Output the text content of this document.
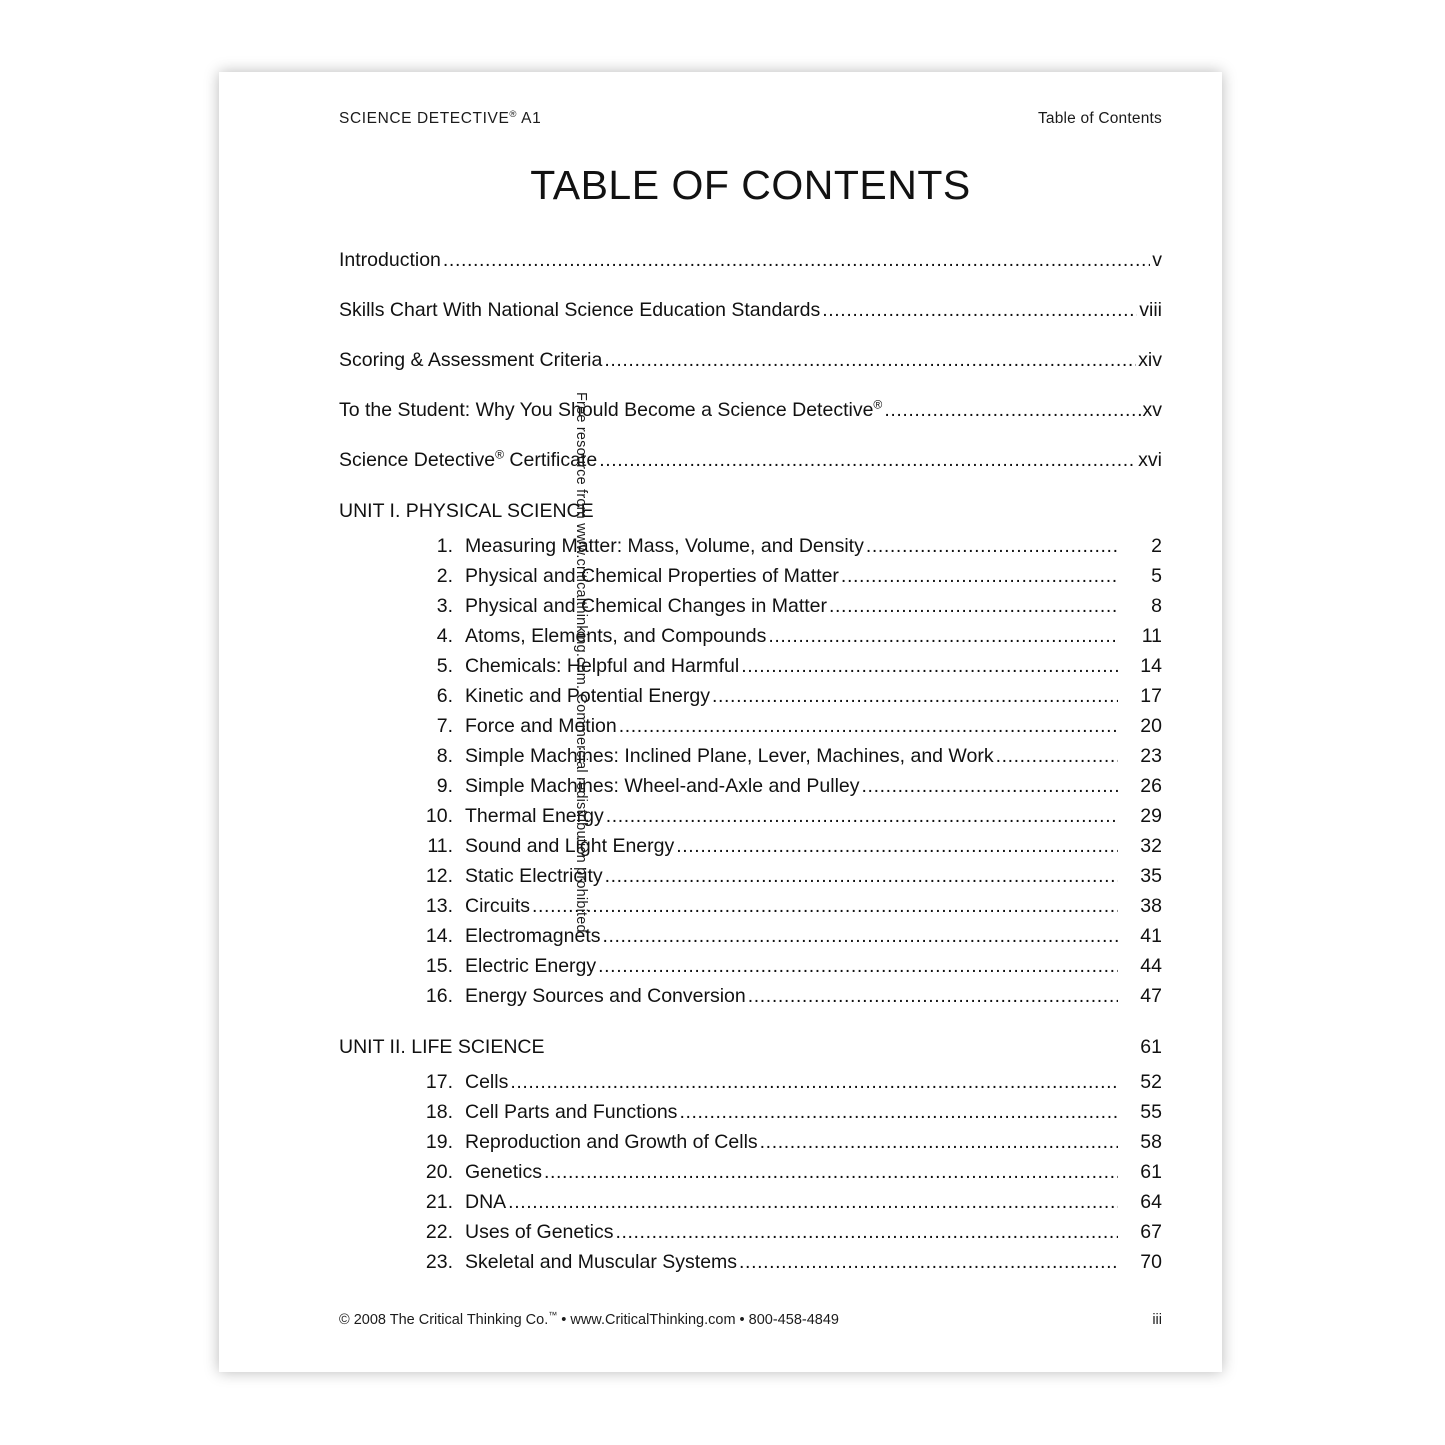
SCIENCE DETECTIVE® A1	Table of Contents
TABLE OF CONTENTS
Introduction .....	v
Skills Chart With National Science Education Standards .....	viii
Scoring & Assessment Criteria .....	xiv
To the Student: Why You Should Become a Science Detective® .....	xv
Science Detective® Certificate .....	xvi
UNIT I. PHYSICAL SCIENCE
1. Measuring Matter: Mass, Volume, and Density .....	2
2. Physical and Chemical Properties of Matter .....	5
3. Physical and Chemical Changes in Matter .....	8
4. Atoms, Elements, and Compounds .....	11
5. Chemicals: Helpful and Harmful .....	14
6. Kinetic and Potential Energy .....	17
7. Force and Motion .....	20
8. Simple Machines: Inclined Plane, Lever, Machines, and Work .....	23
9. Simple Machines: Wheel-and-Axle and Pulley .....	26
10. Thermal Energy .....	29
11. Sound and Light Energy .....	32
12. Static Electricity .....	35
13. Circuits .....	38
14. Electromagnets .....	41
15. Electric Energy .....	44
16. Energy Sources and Conversion .....	47
UNIT II. LIFE SCIENCE	61
17. Cells .....	52
18. Cell Parts and Functions .....	55
19. Reproduction and Growth of Cells .....	58
20. Genetics .....	61
21. DNA .....	64
22. Uses of Genetics .....	67
23. Skeletal and Muscular Systems .....	70
© 2008 The Critical Thinking Co.™ • www.CriticalThinking.com • 800-458-4849	iii
Free resource from www.criticalthinking.com. Commercial redistribution prohibited
